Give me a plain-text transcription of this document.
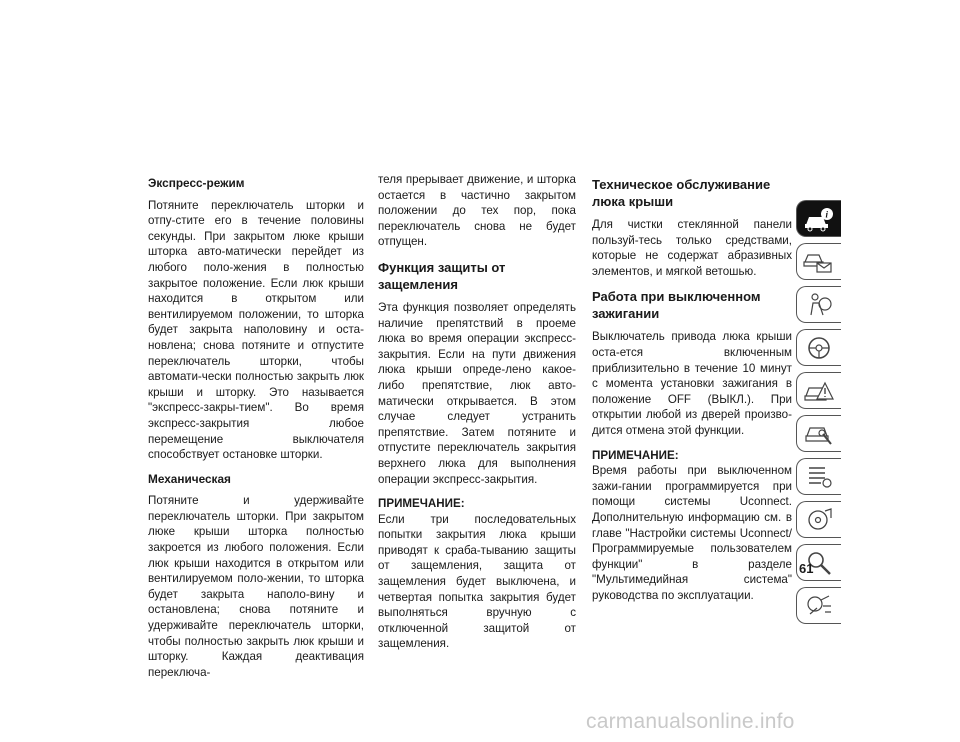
Экспресс-режим

Потяните переключатель шторки и отпу-стите его в течение половины секунды. При закрытом люке крыши шторка авто-матически перейдет из любого поло-жения в полностью закрытое положение. Если люк крыши находится в открытом или вентилируемом положении, то шторка будет закрыта наполовину и оста-новлена; снова потяните и отпустите переключатель шторки, чтобы автомати-чески полностью закрыть люк крыши и шторку. Это называется "экспресс-закры-тием". Во время экспресс-закрытия любое перемещение выключателя способствует остановке шторки.

Механическая

Потяните и удерживайте переключатель шторки. При закрытом люке крыши шторка полностью закроется из любого положения. Если люк крыши находится в открытом или вентилируемом поло-жении, то шторка будет закрыта наполо-вину и остановлена; снова потяните и удерживайте переключатель шторки, чтобы полностью закрыть люк крыши и шторку. Каждая деактивация переключа-

теля прерывает движение, и шторка остается в частично закрытом положении до тех пор, пока переключатель снова не будет отпущен.

Функция защиты от защемления

Эта функция позволяет определять наличие препятствий в проеме люка во время операции экспресс-закрытия. Если на пути движения люка крыши опреде-лено какое-либо препятствие, люк авто-матически открывается. В этом случае следует устранить препятствие. Затем потяните и отпустите переключатель закрытия верхнего люка для выполнения операции экспресс-закрытия.

ПРИМЕЧАНИЕ:
Если три последовательных попытки закрытия люка крыши приводят к сраба-тыванию защиты от защемления, защита от защемления будет выключена, и четвертая попытка закрытия будет выполняться вручную с отключенной защитой от защемления.
Техническое обслуживание люка крыши

Для чистки стеклянной панели пользуй-тесь только средствами, которые не содержат абразивных элементов, и мягкой ветошью.

Работа при выключенном зажигании

Выключатель привода люка крыши оста-ется включенным приблизительно в течение 10 минут с момента установки зажигания в положение OFF (ВЫКЛ.). При открытии любой из дверей произво-дится отмена этой функции.

ПРИМЕЧАНИЕ:
Время работы при выключенном зажи-гании программируется при помощи системы Uconnect. Дополнительную информацию см. в главе "Настройки системы Uconnect/Программируемые пользователем функции" в разделе "Мультимедийная система" руководства по эксплуатации.
i
61
carmanualsonline.info
